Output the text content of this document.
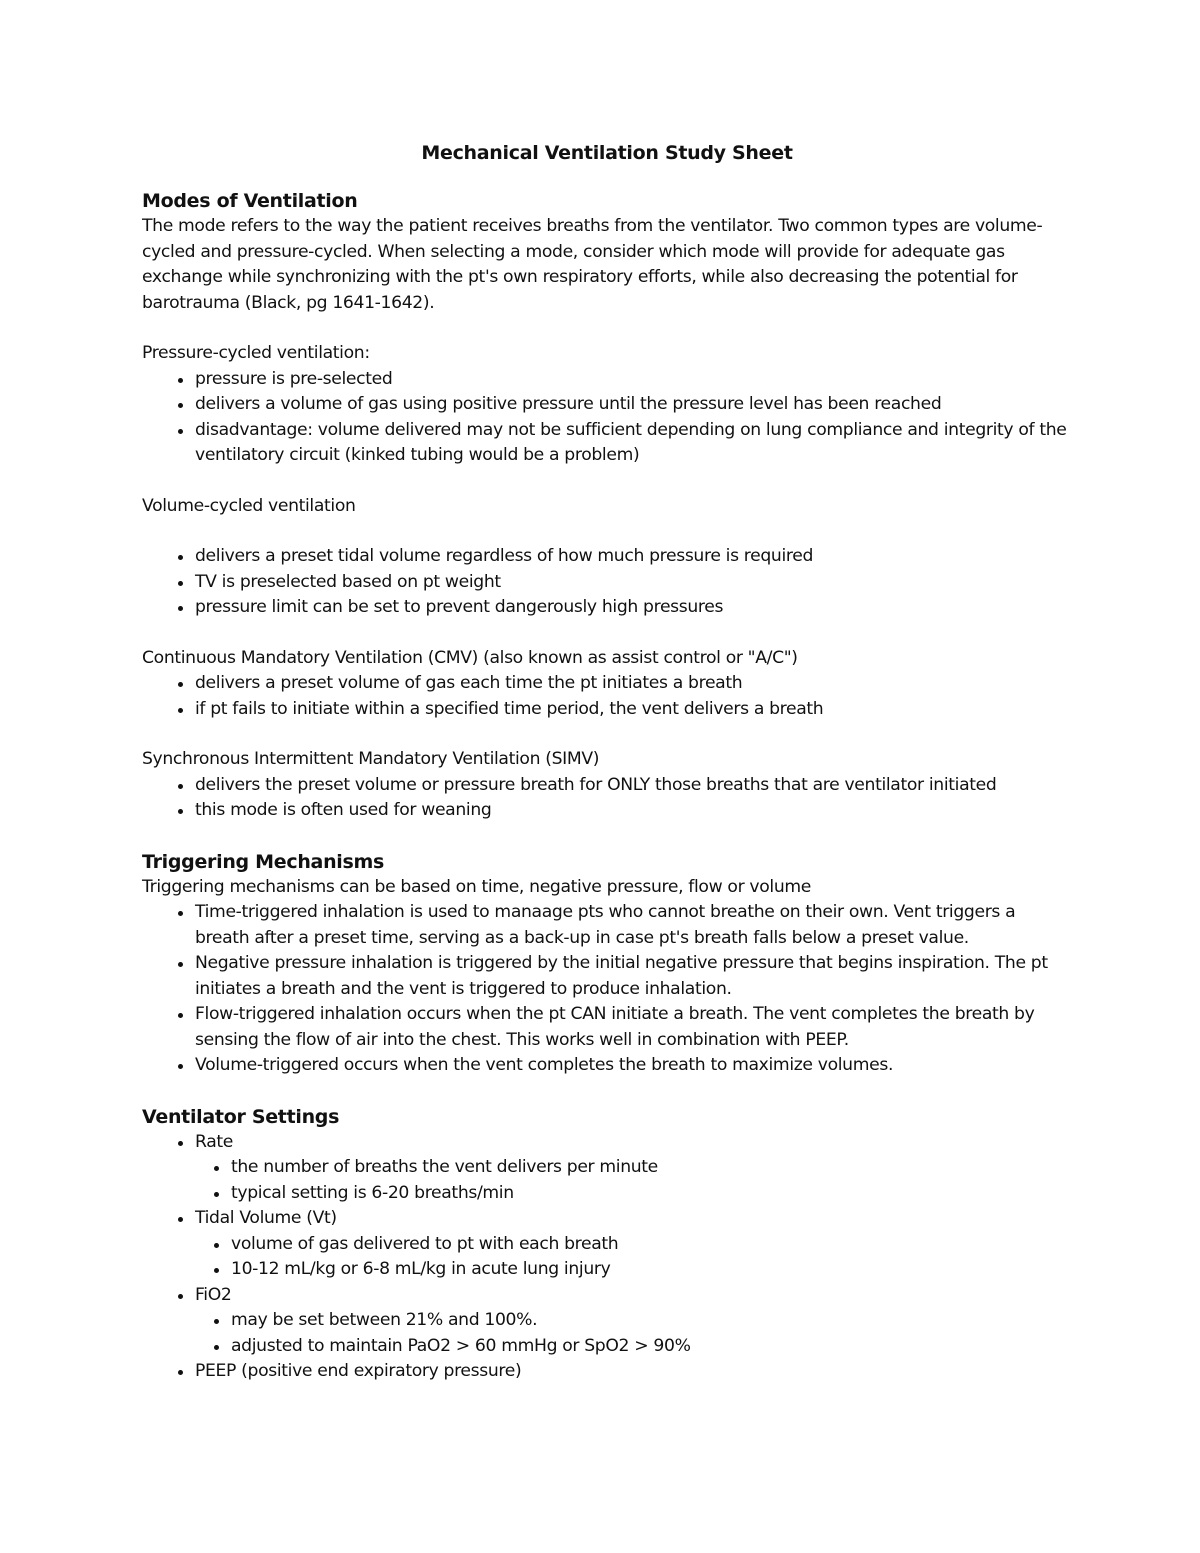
Mechanical Ventilation Study Sheet
Modes of Ventilation

The mode refers to the way the patient receives breaths from the ventilator. Two common types are volume-cycled and pressure-cycled. When selecting a mode, consider which mode will provide for adequate gas exchange while synchronizing with the pt's own respiratory efforts, while also decreasing the potential for barotrauma (Black, pg 1641-1642).

Pressure-cycled ventilation:

pressure is pre-selected
delivers a volume of gas using positive pressure until the pressure level has been reached
disadvantage: volume delivered may not be sufficient depending on lung compliance and integrity of the ventilatory circuit (kinked tubing would be a problem)

Volume-cycled ventilation

delivers a preset tidal volume regardless of how much pressure is required
TV is preselected based on pt weight
pressure limit can be set to prevent dangerously high pressures

Continuous Mandatory Ventilation (CMV) (also known as assist control or "A/C")

delivers a preset volume of gas each time the pt initiates a breath
if pt fails to initiate within a specified time period, the vent delivers a breath

Synchronous Intermittent Mandatory Ventilation (SIMV)

delivers the preset volume or pressure breath for ONLY those breaths that are ventilator initiated
this mode is often used for weaning
Triggering Mechanisms

Triggering mechanisms can be based on time, negative pressure, flow or volume

Time-triggered inhalation is used to manaage pts who cannot breathe on their own. Vent triggers a breath after a preset time, serving as a back-up in case pt's breath falls below a preset value.
Negative pressure inhalation is triggered by the initial negative pressure that begins inspiration. The pt initiates a breath and the vent is triggered to produce inhalation.
Flow-triggered inhalation occurs when the pt CAN initiate a breath. The vent completes the breath by sensing the flow of air into the chest. This works well in combination with PEEP.
Volume-triggered occurs when the vent completes the breath to maximize volumes.
Ventilator Settings
Rate
the number of breaths the vent delivers per minute
typical setting is 6-20 breaths/min
Tidal Volume (Vt)
volume of gas delivered to pt with each breath
10-12 mL/kg or 6-8 mL/kg in acute lung injury
FiO2
may be set between 21% and 100%.
adjusted to maintain PaO2 > 60 mmHg or SpO2 > 90%
PEEP (positive end expiratory pressure)
